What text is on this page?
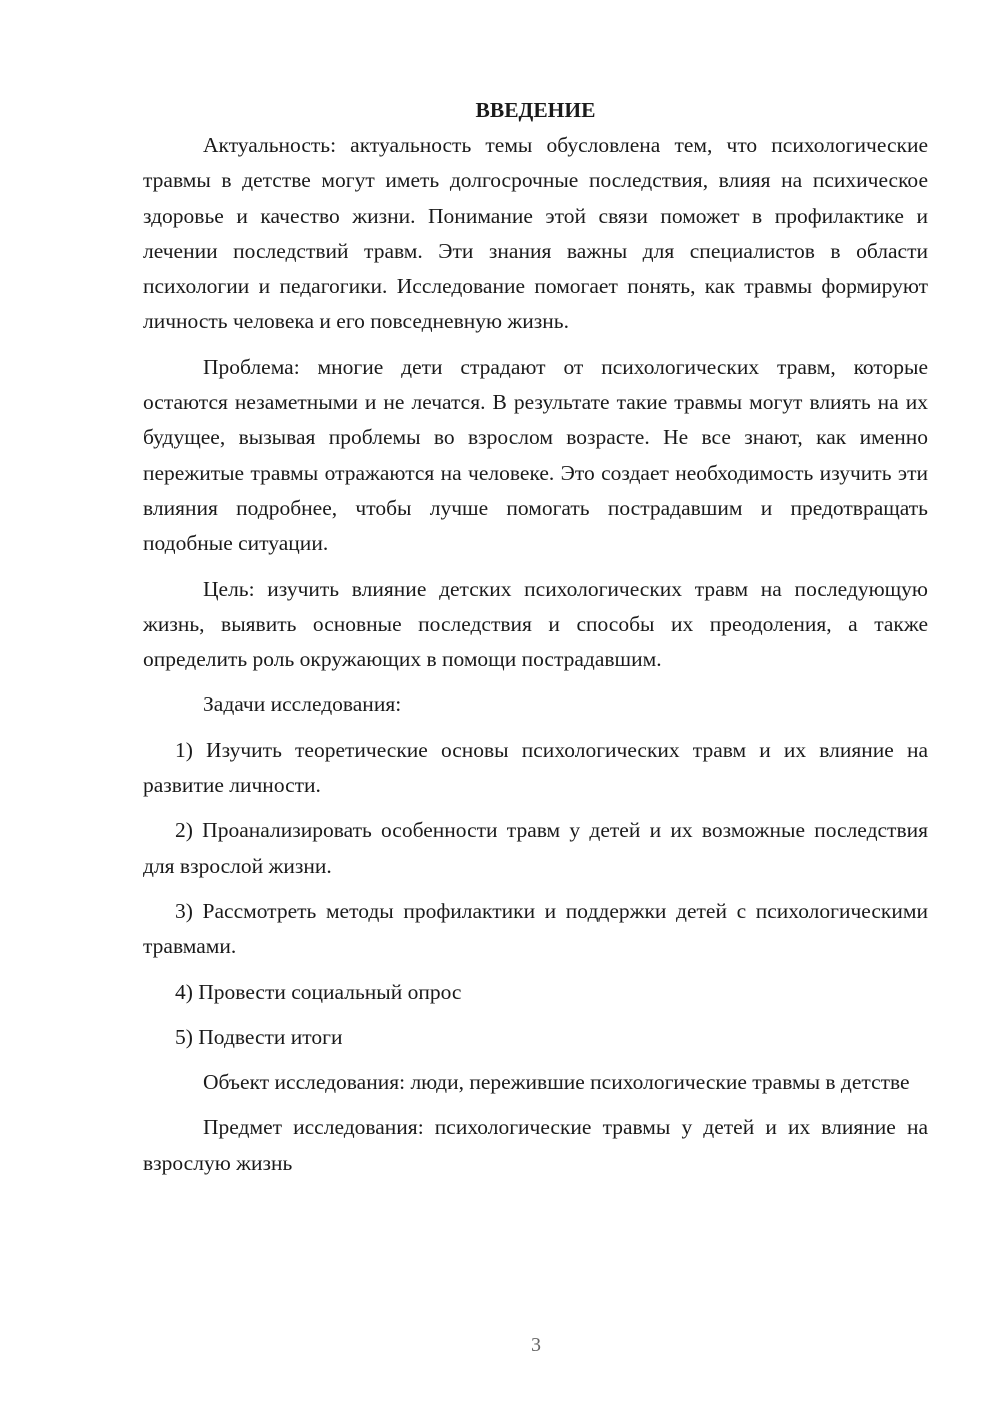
ВВЕДЕНИЕ

Актуальность: актуальность темы обусловлена тем, что психологические травмы в детстве могут иметь долгосрочные последствия, влияя на психическое здоровье и качество жизни. Понимание этой связи поможет в профилактике и лечении последствий травм. Эти знания важны для специалистов в области психологии и педагогики. Исследование помогает понять, как травмы формируют личность человека и его повседневную жизнь.

Проблема: многие дети страдают от психологических травм, которые остаются незаметными и не лечатся. В результате такие травмы могут влиять на их будущее, вызывая проблемы во взрослом возрасте. Не все знают, как именно пережитые травмы отражаются на человеке. Это создает необходимость изучить эти влияния подробнее, чтобы лучше помогать пострадавшим и предотвращать подобные ситуации.

Цель: изучить влияние детских психологических травм на последующую жизнь, выявить основные последствия и способы их преодоления, а также определить роль окружающих в помощи пострадавшим.

Задачи исследования:

1) Изучить теоретические основы психологических травм и их влияние на развитие личности.

2) Проанализировать особенности травм у детей и их возможные последствия для взрослой жизни.

3) Рассмотреть методы профилактики и поддержки детей с психологическими травмами.

4) Провести социальный опрос

5) Подвести итоги

Объект исследования: люди, пережившие психологические травмы в детстве

Предмет исследования: психологические травмы у детей и их влияние на взрослую жизнь

3
